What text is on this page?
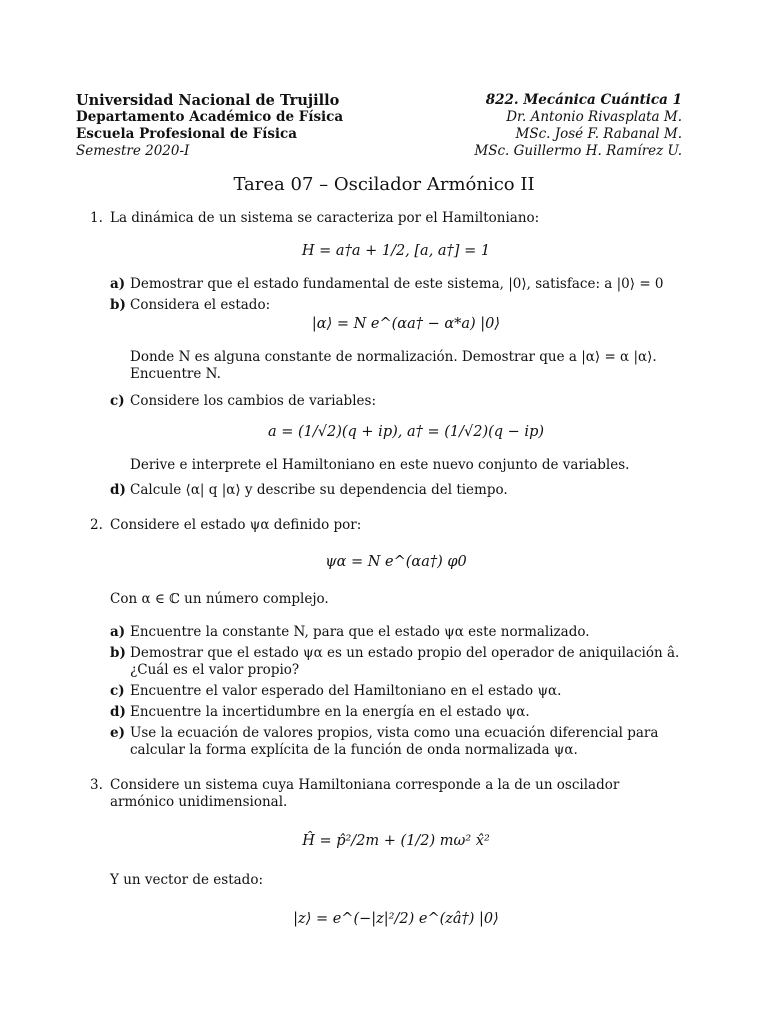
Universidad Nacional de Trujillo
Departamento Académico de Física
Escuela Profesional de Física
Semestre 2020-I
822. Mecánica Cuántica 1
Dr. Antonio Rivasplata M.
MSc. José F. Rabanal M.
MSc. Guillermo H. Ramírez U.
Tarea 07 – Oscilador Armónico II
1. La dinámica de un sistema se caracteriza por el Hamiltoniano:
H = a†a + 1/2, [a, a†] = 1
a) Demostrar que el estado fundamental de este sistema, |0⟩, satisface: a |0⟩ = 0
b) Considera el estado:
|α⟩ = N e^(αa† − α*a) |0⟩
Donde N es alguna constante de normalización. Demostrar que a |α⟩ = α |α⟩. Encuentre N.
c) Considere los cambios de variables:
a = (1/√2)(q + ip), a† = (1/√2)(q − ip)
Derive e interprete el Hamiltoniano en este nuevo conjunto de variables.
d) Calcule ⟨α| q |α⟩ y describe su dependencia del tiempo.
2. Considere el estado ψα definido por:
ψα = N e^(αa†) φ0
Con α ∈ ℂ un número complejo.
a) Encuentre la constante N, para que el estado ψα este normalizado.
b) Demostrar que el estado ψα es un estado propio del operador de aniquilación â. ¿Cuál es el valor propio?
c) Encuentre el valor esperado del Hamiltoniano en el estado ψα.
d) Encuentre la incertidumbre en la energía en el estado ψα.
e) Use la ecuación de valores propios, vista como una ecuación diferencial para calcular la forma explícita de la función de onda normalizada ψα.
3. Considere un sistema cuya Hamiltoniana corresponde a la de un oscilador armónico unidimensional.
Ĥ = p̂²/2m + (1/2) mω² x̂²
Y un vector de estado:
|z⟩ = e^(−|z|²/2) e^(zâ†) |0⟩
